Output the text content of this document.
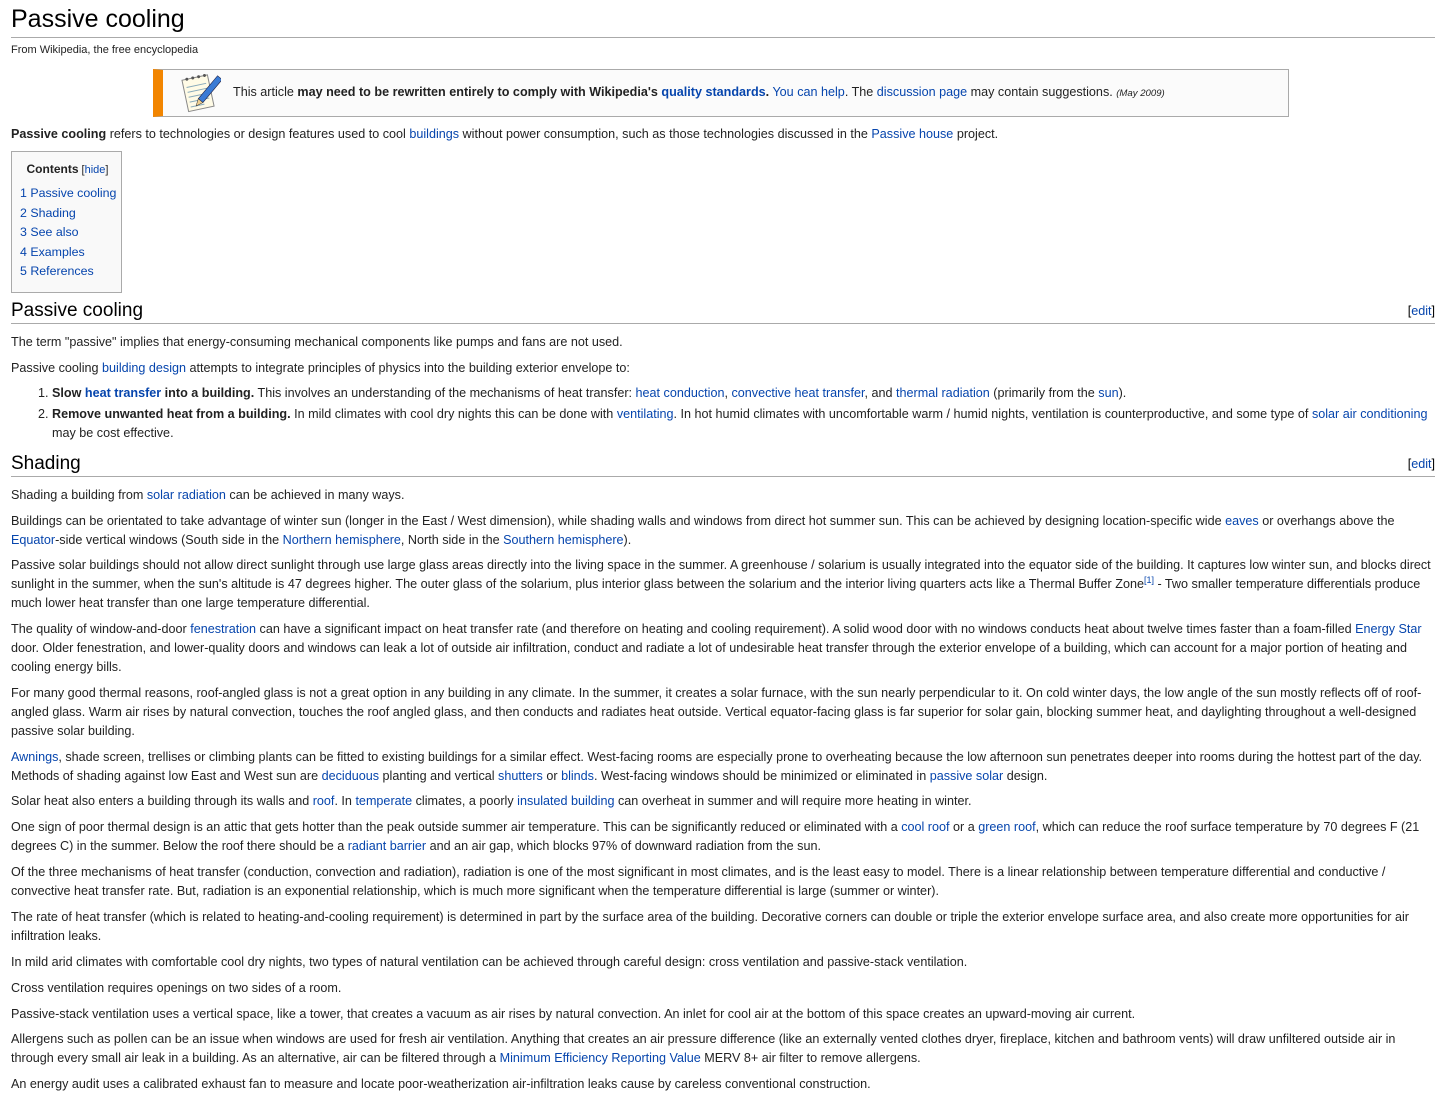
Passive cooling
From Wikipedia, the free encyclopedia
This article may need to be rewritten entirely to comply with Wikipedia's quality standards. You can help. The discussion page may contain suggestions. (May 2009)

Passive cooling refers to technologies or design features used to cool buildings without power consumption, such as those technologies discussed in the Passive house project.

Contents [hide]
1 Passive cooling
2 Shading
3 See also
4 Examples
5 References
Passive cooling	[edit]

The term "passive" implies that energy-consuming mechanical components like pumps and fans are not used.

Passive cooling building design attempts to integrate principles of physics into the building exterior envelope to:

1. Slow heat transfer into a building. This involves an understanding of the mechanisms of heat transfer: heat conduction, convective heat transfer, and thermal radiation (primarily from the sun).
2. Remove unwanted heat from a building. In mild climates with cool dry nights this can be done with ventilating. In hot humid climates with uncomfortable warm / humid nights, ventilation is counterproductive, and some type of solar air conditioning may be cost effective.
Shading	[edit]

Shading a building from solar radiation can be achieved in many ways.

Buildings can be orientated to take advantage of winter sun (longer in the East / West dimension), while shading walls and windows from direct hot summer sun. This can be achieved by designing location-specific wide eaves or overhangs above the Equator-side vertical windows (South side in the Northern hemisphere, North side in the Southern hemisphere).

Passive solar buildings should not allow direct sunlight through use large glass areas directly into the living space in the summer. A greenhouse / solarium is usually integrated into the equator side of the building. It captures low winter sun, and blocks direct sunlight in the summer, when the sun's altitude is 47 degrees higher. The outer glass of the solarium, plus interior glass between the solarium and the interior living quarters acts like a Thermal Buffer Zone[1] - Two smaller temperature differentials produce much lower heat transfer than one large temperature differential.

The quality of window-and-door fenestration can have a significant impact on heat transfer rate (and therefore on heating and cooling requirement). A solid wood door with no windows conducts heat about twelve times faster than a foam-filled Energy Star door. Older fenestration, and lower-quality doors and windows can leak a lot of outside air infiltration, conduct and radiate a lot of undesirable heat transfer through the exterior envelope of a building, which can account for a major portion of heating and cooling energy bills.

For many good thermal reasons, roof-angled glass is not a great option in any building in any climate. In the summer, it creates a solar furnace, with the sun nearly perpendicular to it. On cold winter days, the low angle of the sun mostly reflects off of roof-angled glass. Warm air rises by natural convection, touches the roof angled glass, and then conducts and radiates heat outside. Vertical equator-facing glass is far superior for solar gain, blocking summer heat, and daylighting throughout a well-designed passive solar building.

Awnings, shade screen, trellises or climbing plants can be fitted to existing buildings for a similar effect. West-facing rooms are especially prone to overheating because the low afternoon sun penetrates deeper into rooms during the hottest part of the day. Methods of shading against low East and West sun are deciduous planting and vertical shutters or blinds. West-facing windows should be minimized or eliminated in passive solar design.

Solar heat also enters a building through its walls and roof. In temperate climates, a poorly insulated building can overheat in summer and will require more heating in winter.

One sign of poor thermal design is an attic that gets hotter than the peak outside summer air temperature. This can be significantly reduced or eliminated with a cool roof or a green roof, which can reduce the roof surface temperature by 70 degrees F (21 degrees C) in the summer. Below the roof there should be a radiant barrier and an air gap, which blocks 97% of downward radiation from the sun.

Of the three mechanisms of heat transfer (conduction, convection and radiation), radiation is one of the most significant in most climates, and is the least easy to model. There is a linear relationship between temperature differential and conductive / convective heat transfer rate. But, radiation is an exponential relationship, which is much more significant when the temperature differential is large (summer or winter).

The rate of heat transfer (which is related to heating-and-cooling requirement) is determined in part by the surface area of the building. Decorative corners can double or triple the exterior envelope surface area, and also create more opportunities for air infiltration leaks.

In mild arid climates with comfortable cool dry nights, two types of natural ventilation can be achieved through careful design: cross ventilation and passive-stack ventilation.

Cross ventilation requires openings on two sides of a room.

Passive-stack ventilation uses a vertical space, like a tower, that creates a vacuum as air rises by natural convection. An inlet for cool air at the bottom of this space creates an upward-moving air current.

Allergens such as pollen can be an issue when windows are used for fresh air ventilation. Anything that creates an air pressure difference (like an externally vented clothes dryer, fireplace, kitchen and bathroom vents) will draw unfiltered outside air in through every small air leak in a building. As an alternative, air can be filtered through a Minimum Efficiency Reporting Value MERV 8+ air filter to remove allergens.

An energy audit uses a calibrated exhaust fan to measure and locate poor-weatherization air-infiltration leaks cause by careless conventional construction.
